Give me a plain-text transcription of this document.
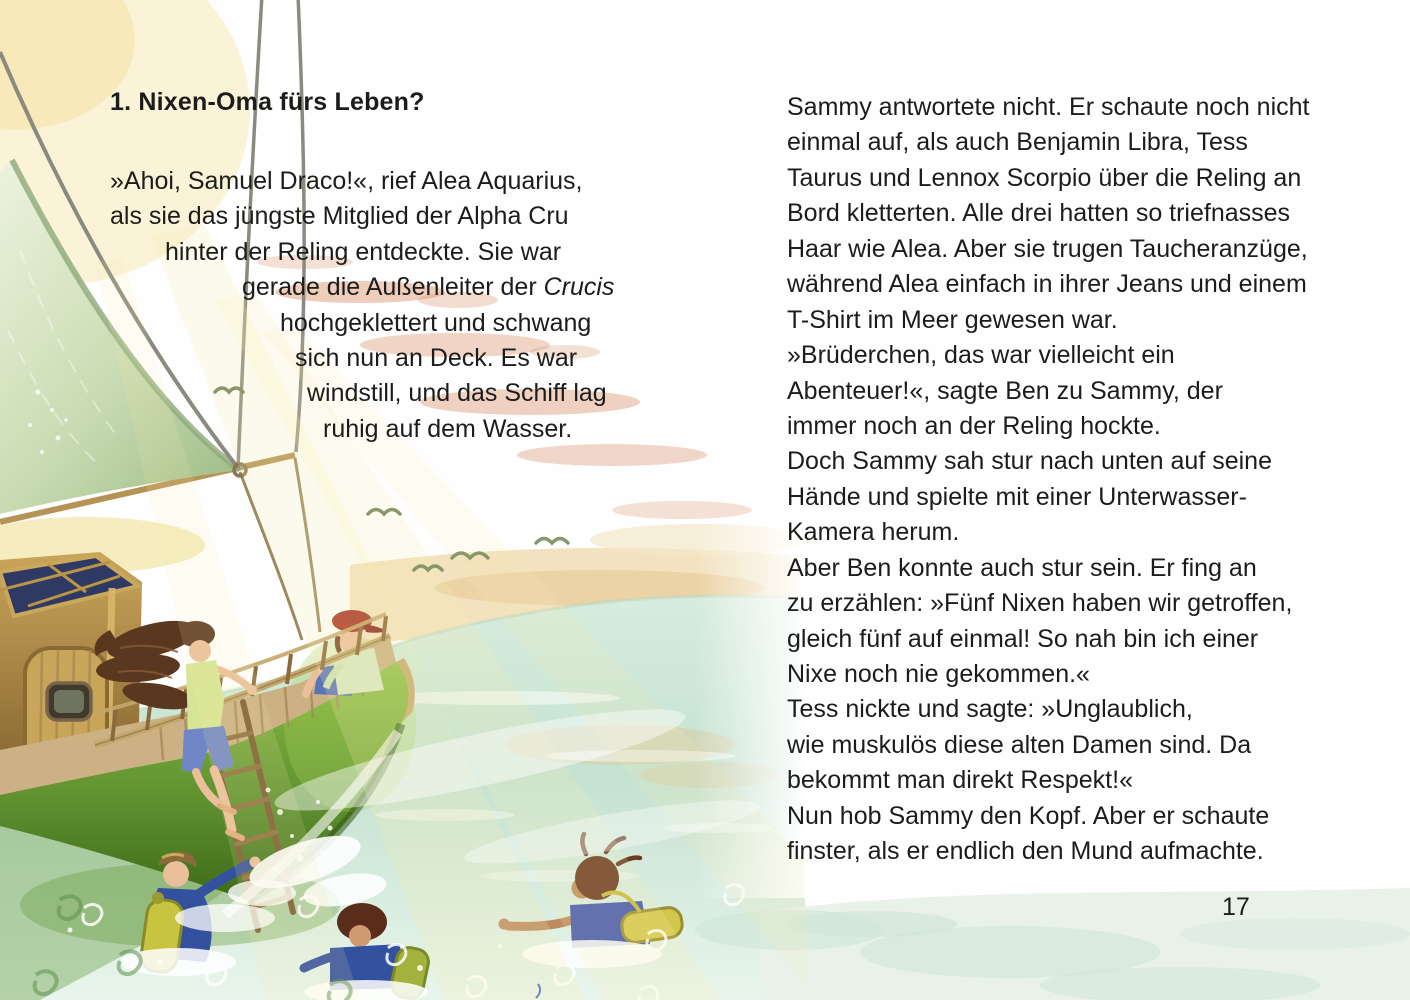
1. Nixen-Oma fürs Leben?
»Ahoi, Samuel Draco!«, rief Alea Aquarius,
als sie das jüngste Mitglied der Alpha Cru
hinter der Reling entdeckte. Sie war
gerade die Außenleiter der Crucis
hochgeklettert und schwang
sich nun an Deck. Es war
windstill, und das Schiff lag
ruhig auf dem Wasser.
Sammy antwortete nicht. Er schaute noch nicht
einmal auf, als auch Benjamin Libra, Tess
Taurus und Lennox Scorpio über die Reling an
Bord kletterten. Alle drei hatten so triefnasses
Haar wie Alea. Aber sie trugen Taucheranzüge,
während Alea einfach in ihrer Jeans und einem
T-Shirt im Meer gewesen war.
»Brüderchen, das war vielleicht ein
Abenteuer!«, sagte Ben zu Sammy, der
immer noch an der Reling hockte.
Doch Sammy sah stur nach unten auf seine
Hände und spielte mit einer Unterwasser-
Kamera herum.
Aber Ben konnte auch stur sein. Er fing an
zu erzählen: »Fünf Nixen haben wir getroffen,
gleich fünf auf einmal! So nah bin ich einer
Nixe noch nie gekommen.«
Tess nickte und sagte: »Unglaublich,
wie muskulös diese alten Damen sind. Da
bekommt man direkt Respekt!«
Nun hob Sammy den Kopf. Aber er schaute
finster, als er endlich den Mund aufmachte.
17
